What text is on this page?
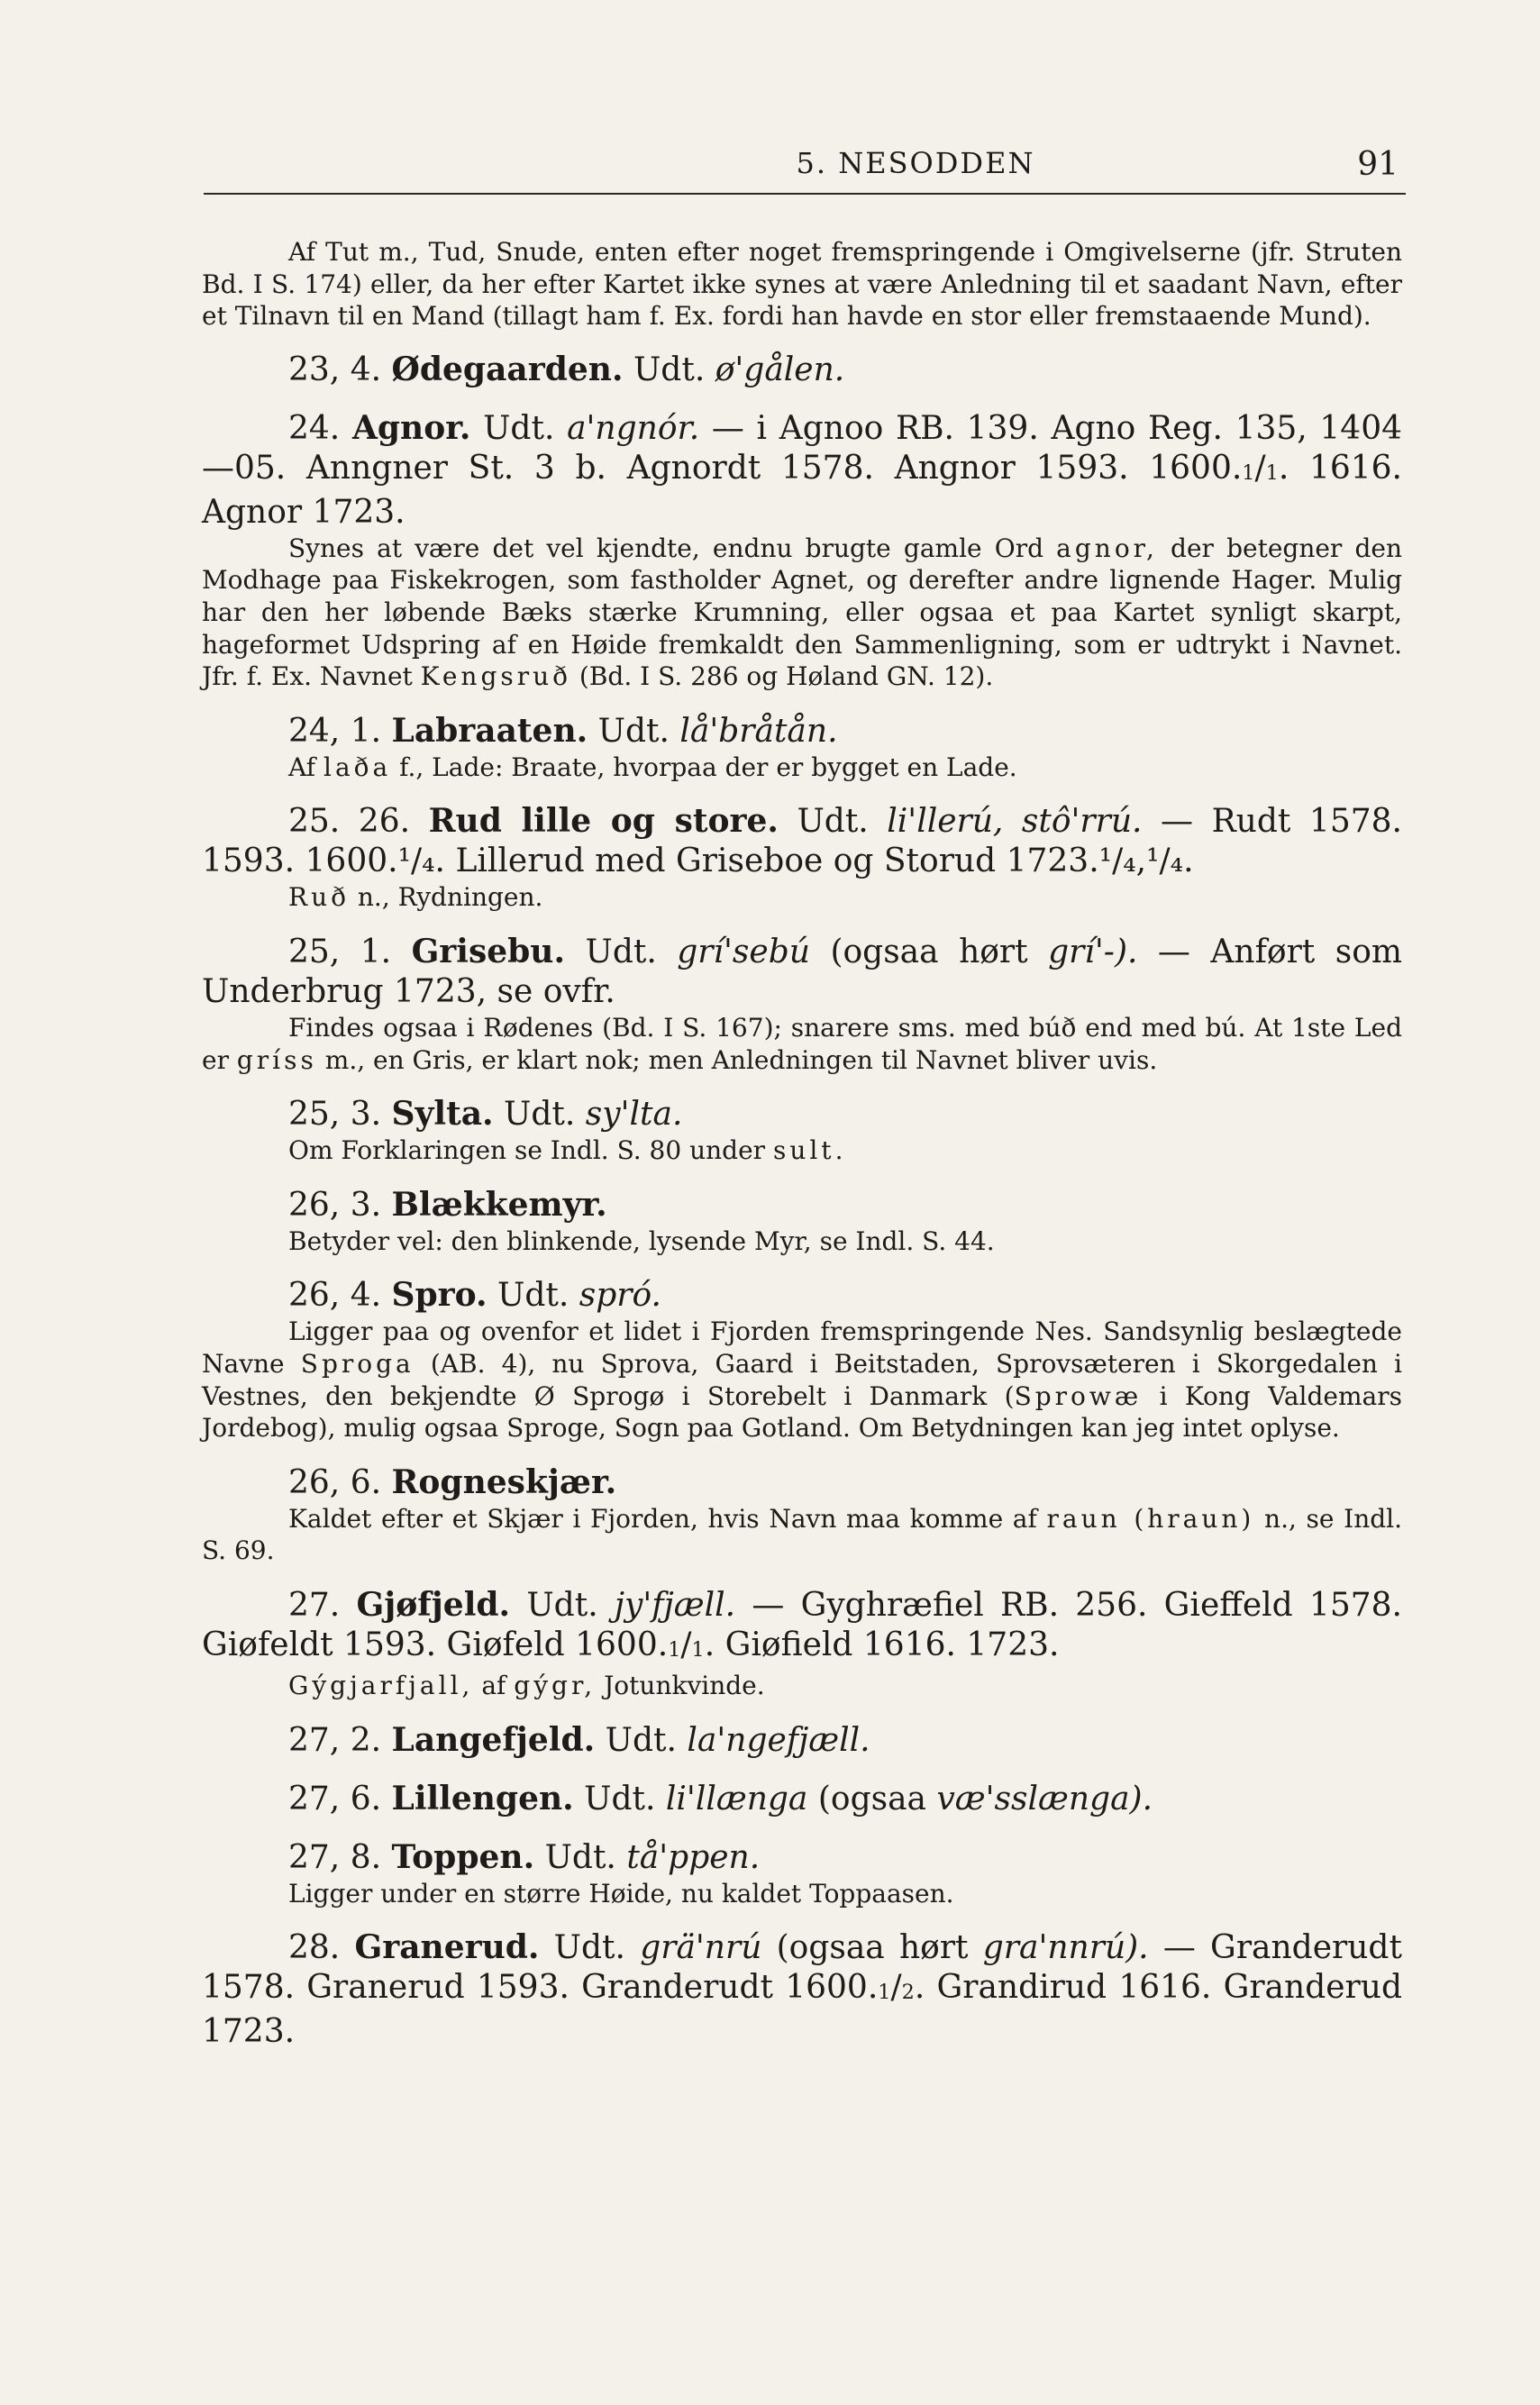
5. NESODDEN	91

Af Tut m., Tud, Snude, enten efter noget fremspringende i Omgivelserne (jfr. Struten Bd. I S. 174) eller, da her efter Kartet ikke synes at være Anledning til et saadant Navn, efter et Tilnavn til en Mand (tillagt ham f. Ex. fordi han havde en stor eller fremstaaende Mund).

23, 4. Ødegaarden. Udt. ø'gålen.

24. Agnor. Udt. a'ngnór. — i Agnoo RB. 139. Agno Reg. 135, 1404—05. Anngner St. 3 b. Agnordt 1578. Angnor 1593. $1600.^1/_1$. 1616. Agnor 1723.

Synes at være det vel kjendte, endnu brugte gamle Ord agnor, der betegner den Modhage paa Fiskekrogen, som fastholder Agnet, og derefter andre lignende Hager. Mulig har den her løbende Bæks stærke Krumning, eller ogsaa et paa Kartet synligt skarpt, hageformet Udspring af en Høide fremkaldt den Sammenligning, som er udtrykt i Navnet. Jfr. f. Ex. Navnet Kengsruð (Bd. I S. 286 og Høland GN. 12).

24, 1. Labraaten. Udt. lå'bråtån.

Af laða f., Lade: Braate, hvorpaa der er bygget en Lade.

25. 26. Rud lille og store. Udt. li'llerú, stô'rrú. — Rudt 1578. 1593. 1600.¹/₄. Lillerud med Griseboe og Storud 1723.¹/₄,¹/₄.

Ruð n., Rydningen.

25, 1. Grisebu. Udt. grí'sebú (ogsaa hørt grí'-). — Anført som Underbrug 1723, se ovfr.

Findes ogsaa i Rødenes (Bd. I S. 167); snarere sms. med búð end med bú. At 1ste Led er gríss m., en Gris, er klart nok; men Anledningen til Navnet bliver uvis.

25, 3. Sylta. Udt. sy'lta.

Om Forklaringen se Indl. S. 80 under sult.

26, 3. Blækkemyr.

Betyder vel: den blinkende, lysende Myr, se Indl. S. 44.

26, 4. Spro. Udt. spró.

Ligger paa og ovenfor et lidet i Fjorden fremspringende Nes. Sandsynlig beslægtede Navne Sproga (AB. 4), nu Sprova, Gaard i Beitstaden, Sprovsæteren i Skorgedalen i Vestnes, den bekjendte Ø Sprogø i Storebelt i Danmark (Sprowæ i Kong Valdemars Jordebog), mulig ogsaa Sproge, Sogn paa Gotland. Om Betydningen kan jeg intet oplyse.

26, 6. Rogneskjær.

Kaldet efter et Skjær i Fjorden, hvis Navn maa komme af raun (hraun) n., se Indl. S. 69.

27. Gjøfjeld. Udt. jy'fjæll. — Gyghræfiel RB. 256. Gieffeld 1578. Giøfeldt 1593. Giøfeld $1600.^1/_1$. Giøfield 1616. 1723.

Gýgjarfjall, af gýgr, Jotunkvinde.

27, 2. Langefjeld. Udt. la'ngefjæll.

27, 6. Lillengen. Udt. li'llænga (ogsaa væ'sslænga).

27, 8. Toppen. Udt. tå'ppen.

Ligger under en større Høide, nu kaldet Toppaasen.

28. Granerud. Udt. grä'nrú (ogsaa hørt gra'nnrú). — Granderudt 1578. Granerud 1593. Granderudt $1600.^1/_2$. Grandirud 1616. Granderud 1723.
